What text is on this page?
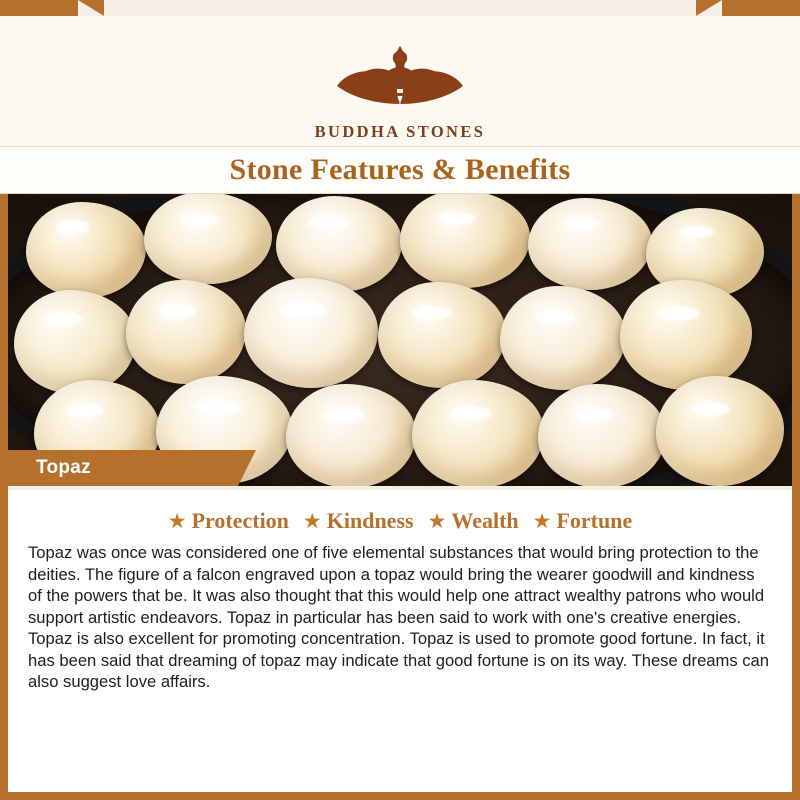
BUDDHA STONES
Stone Features & Benefits
Topaz
★ Protection ★ Kindness ★ Wealth ★ Fortune

Topaz was once was considered one of five elemental substances that would bring protection to the deities. The figure of a falcon engraved upon a topaz would bring the wearer goodwill and kindness of the powers that be. It was also thought that this would help one attract wealthy patrons who would support artistic endeavors. Topaz in particular has been said to work with one's creative energies. Topaz is also excellent for promoting concentration. Topaz is used to promote good fortune. In fact, it has been said that dreaming of topaz may indicate that good fortune is on its way. These dreams can also suggest love affairs.
